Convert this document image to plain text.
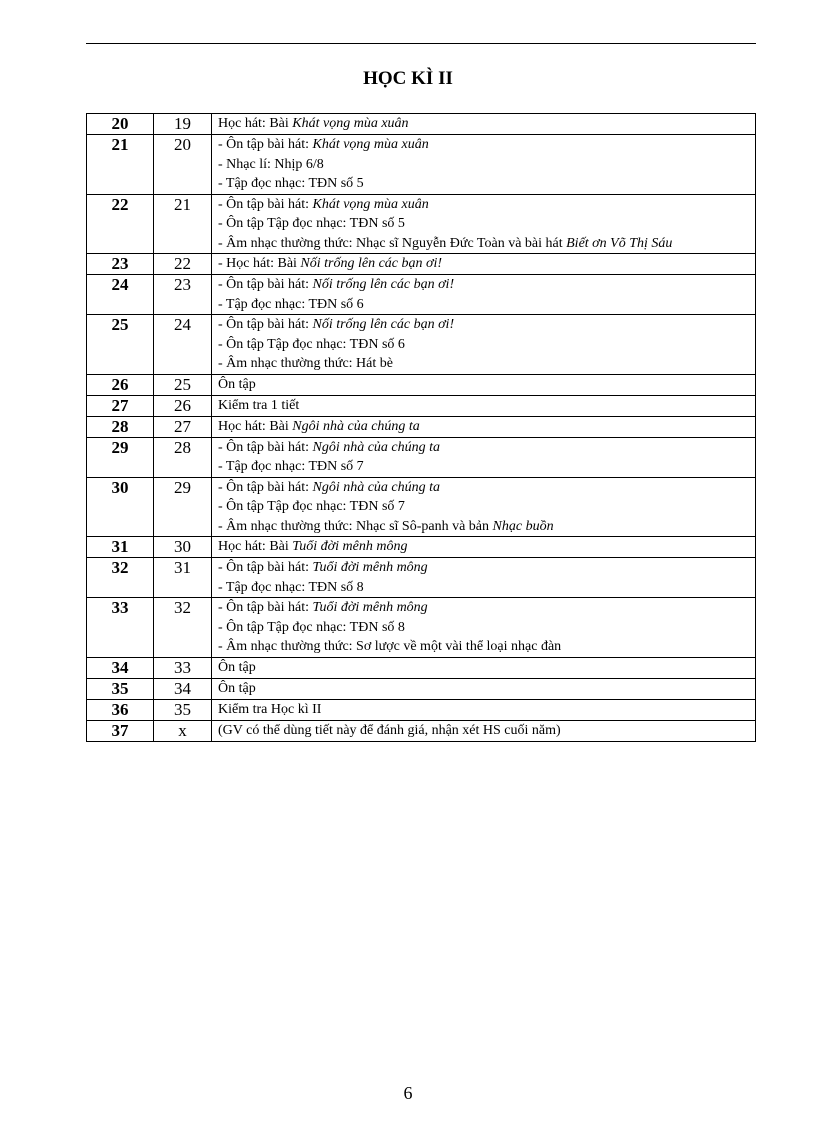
HỌC KÌ II
20	19	Học hát: Bài Khát vọng mùa xuân

21	20	- Ôn tập bài hát: Khát vọng mùa xuân
- Nhạc lí: Nhịp 6/8
- Tập đọc nhạc: TĐN số 5

22	21	- Ôn tập bài hát: Khát vọng mùa xuân
- Ôn tập Tập đọc nhạc: TĐN số 5
- Âm nhạc thường thức: Nhạc sĩ Nguyễn Đức Toàn và bài hát Biết ơn Võ Thị Sáu

23	22	- Học hát: Bài Nối trống lên các bạn ơi!

24	23	- Ôn tập bài hát: Nối trống lên các bạn ơi!
- Tập đọc nhạc: TĐN số 6

25	24	- Ôn tập bài hát: Nối trống lên các bạn ơi!
- Ôn tập Tập đọc nhạc: TĐN số 6
- Âm nhạc thường thức: Hát bè

26	25	Ôn tập

27	26	Kiểm tra 1 tiết

28	27	Học hát: Bài Ngôi nhà của chúng ta

29	28	- Ôn tập bài hát: Ngôi nhà của chúng ta
- Tập đọc nhạc: TĐN số 7

30	29	- Ôn tập bài hát: Ngôi nhà của chúng ta
- Ôn tập Tập đọc nhạc: TĐN số 7
- Âm nhạc thường thức: Nhạc sĩ Sô-panh và bản Nhạc buồn

31	30	Học hát: Bài Tuổi đời mênh mông

32	31	- Ôn tập bài hát: Tuổi đời mênh mông
- Tập đọc nhạc: TĐN số 8

33	32	- Ôn tập bài hát: Tuổi đời mênh mông
- Ôn tập Tập đọc nhạc: TĐN số 8
- Âm nhạc thường thức: Sơ lược về một vài thể loại nhạc đàn

34	33	Ôn tập

35	34	Ôn tập

36	35	Kiểm tra Học kì II

37	x	(GV có thể dùng tiết này để đánh giá, nhận xét HS cuối năm)
6
